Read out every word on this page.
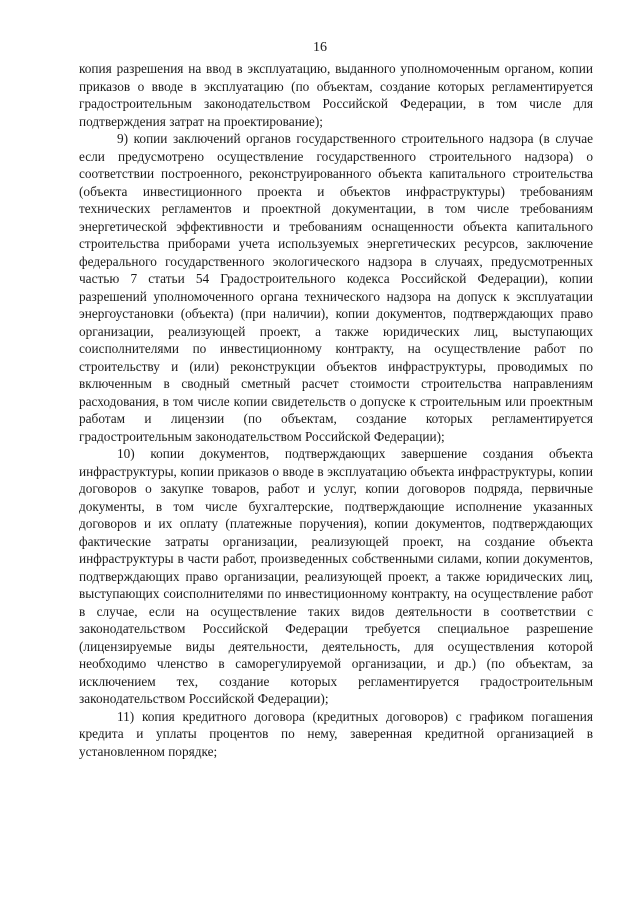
16

копия разрешения на ввод в эксплуатацию, выданного уполномоченным органом, копии приказов о вводе в эксплуатацию (по объектам, создание которых регламентируется градостроительным законодательством Российской Федерации, в том числе для подтверждения затрат на проектирование);

9) копии заключений органов государственного строительного надзора (в случае если предусмотрено осуществление государственного строительного надзора) о соответствии построенного, реконструированного объекта капитального строительства (объекта инвестиционного проекта и объектов инфраструктуры) требованиям технических регламентов и проектной документации, в том числе требованиям энергетической эффективности и требованиям оснащенности объекта капитального строительства приборами учета используемых энергетических ресурсов, заключение федерального государственного экологического надзора в случаях, предусмотренных частью 7 статьи 54 Градостроительного кодекса Российской Федерации), копии разрешений уполномоченного органа технического надзора на допуск к эксплуатации энергоустановки (объекта) (при наличии), копии документов, подтверждающих право организации, реализующей проект, а также юридических лиц, выступающих соисполнителями по инвестиционному контракту, на осуществление работ по строительству и (или) реконструкции объектов инфраструктуры, проводимых по включенным в сводный сметный расчет стоимости строительства направлениям расходования, в том числе копии свидетельств о допуске к строительным или проектным работам и лицензии (по объектам, создание которых регламентируется градостроительным законодательством Российской Федерации);

10) копии документов, подтверждающих завершение создания объекта инфраструктуры, копии приказов о вводе в эксплуатацию объекта инфраструктуры, копии договоров о закупке товаров, работ и услуг, копии договоров подряда, первичные документы, в том числе бухгалтерские, подтверждающие исполнение указанных договоров и их оплату (платежные поручения), копии документов, подтверждающих фактические затраты организации, реализующей проект, на создание объекта инфраструктуры в части работ, произведенных собственными силами, копии документов, подтверждающих право организации, реализующей проект, а также юридических лиц, выступающих соисполнителями по инвестиционному контракту, на осуществление работ в случае, если на осуществление таких видов деятельности в соответствии с законодательством Российской Федерации требуется специальное разрешение (лицензируемые виды деятельности, деятельность, для осуществления которой необходимо членство в саморегулируемой организации, и др.) (по объектам, за исключением тех, создание которых регламентируется градостроительным законодательством Российской Федерации);

11) копия кредитного договора (кредитных договоров) с графиком погашения кредита и уплаты процентов по нему, заверенная кредитной организацией в установленном порядке;
